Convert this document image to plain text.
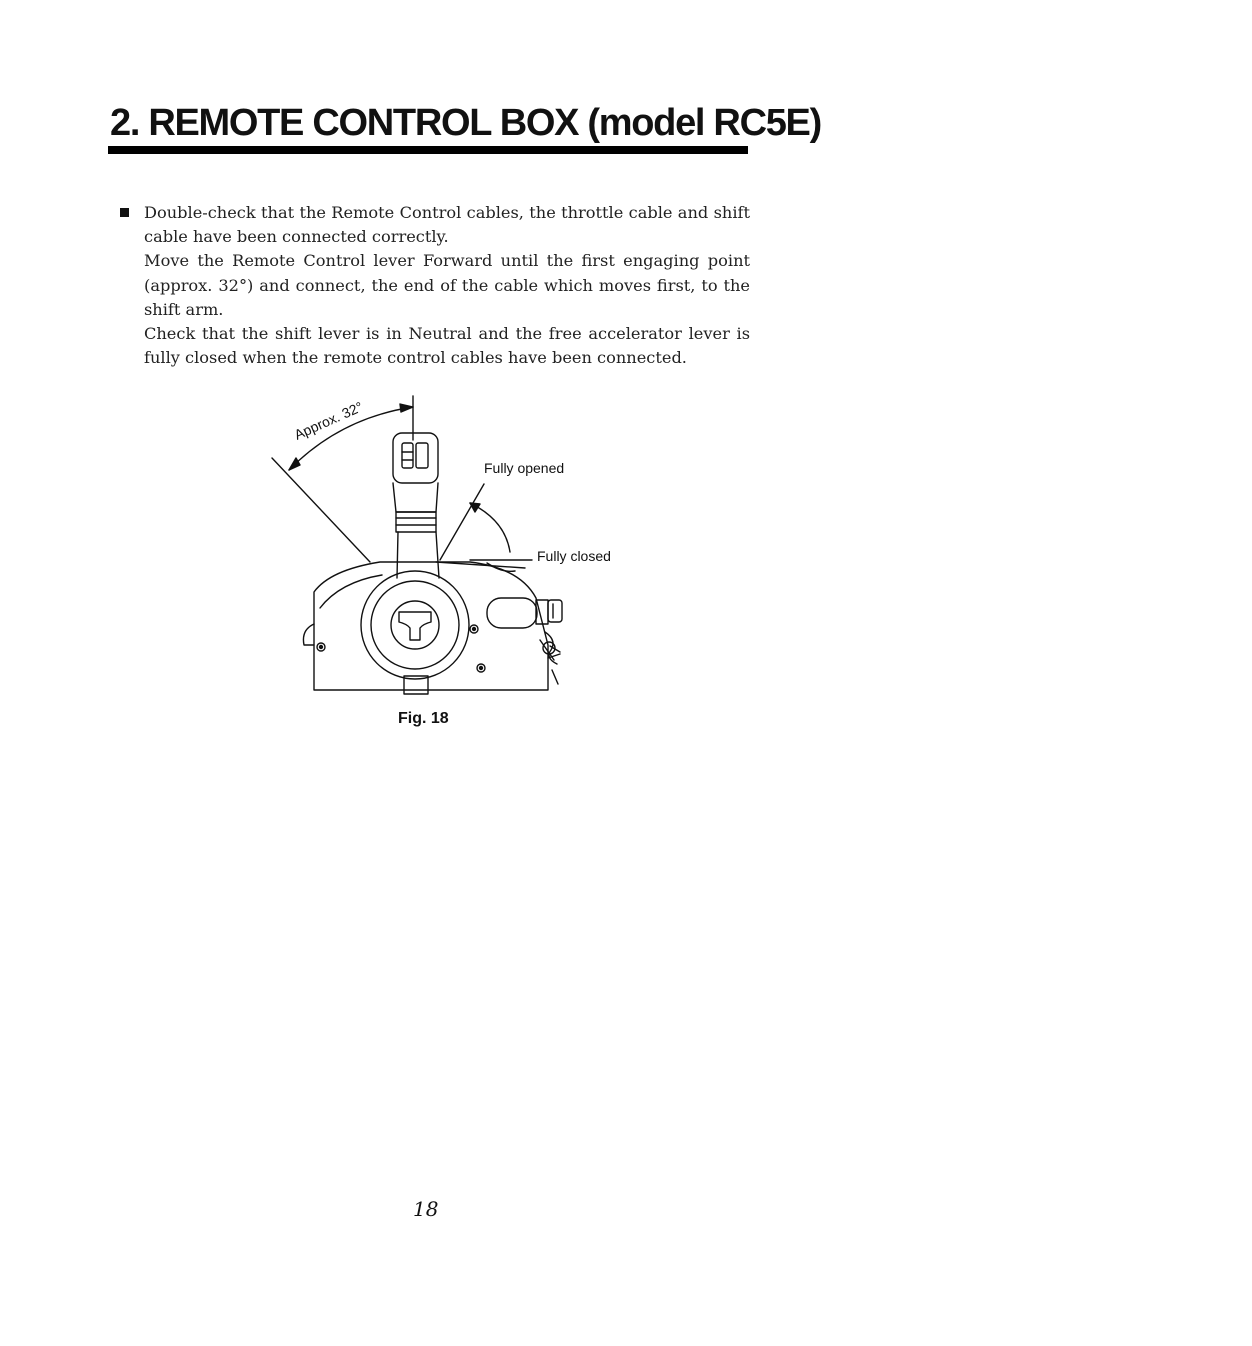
2. REMOTE CONTROL BOX (model RC5E)

Double-check that the Remote Control cables, the throttle cable and shift cable have been connected correctly.
Move the Remote Control lever Forward until the first engaging point (approx. 32°) and connect, the end of the cable which moves first, to the shift arm.
Check that the shift lever is in Neutral and the free accelerator lever is fully closed when the remote control cables have been connected.

Approx. 32°
Fully opened
Fully closed
Fig. 18
18
